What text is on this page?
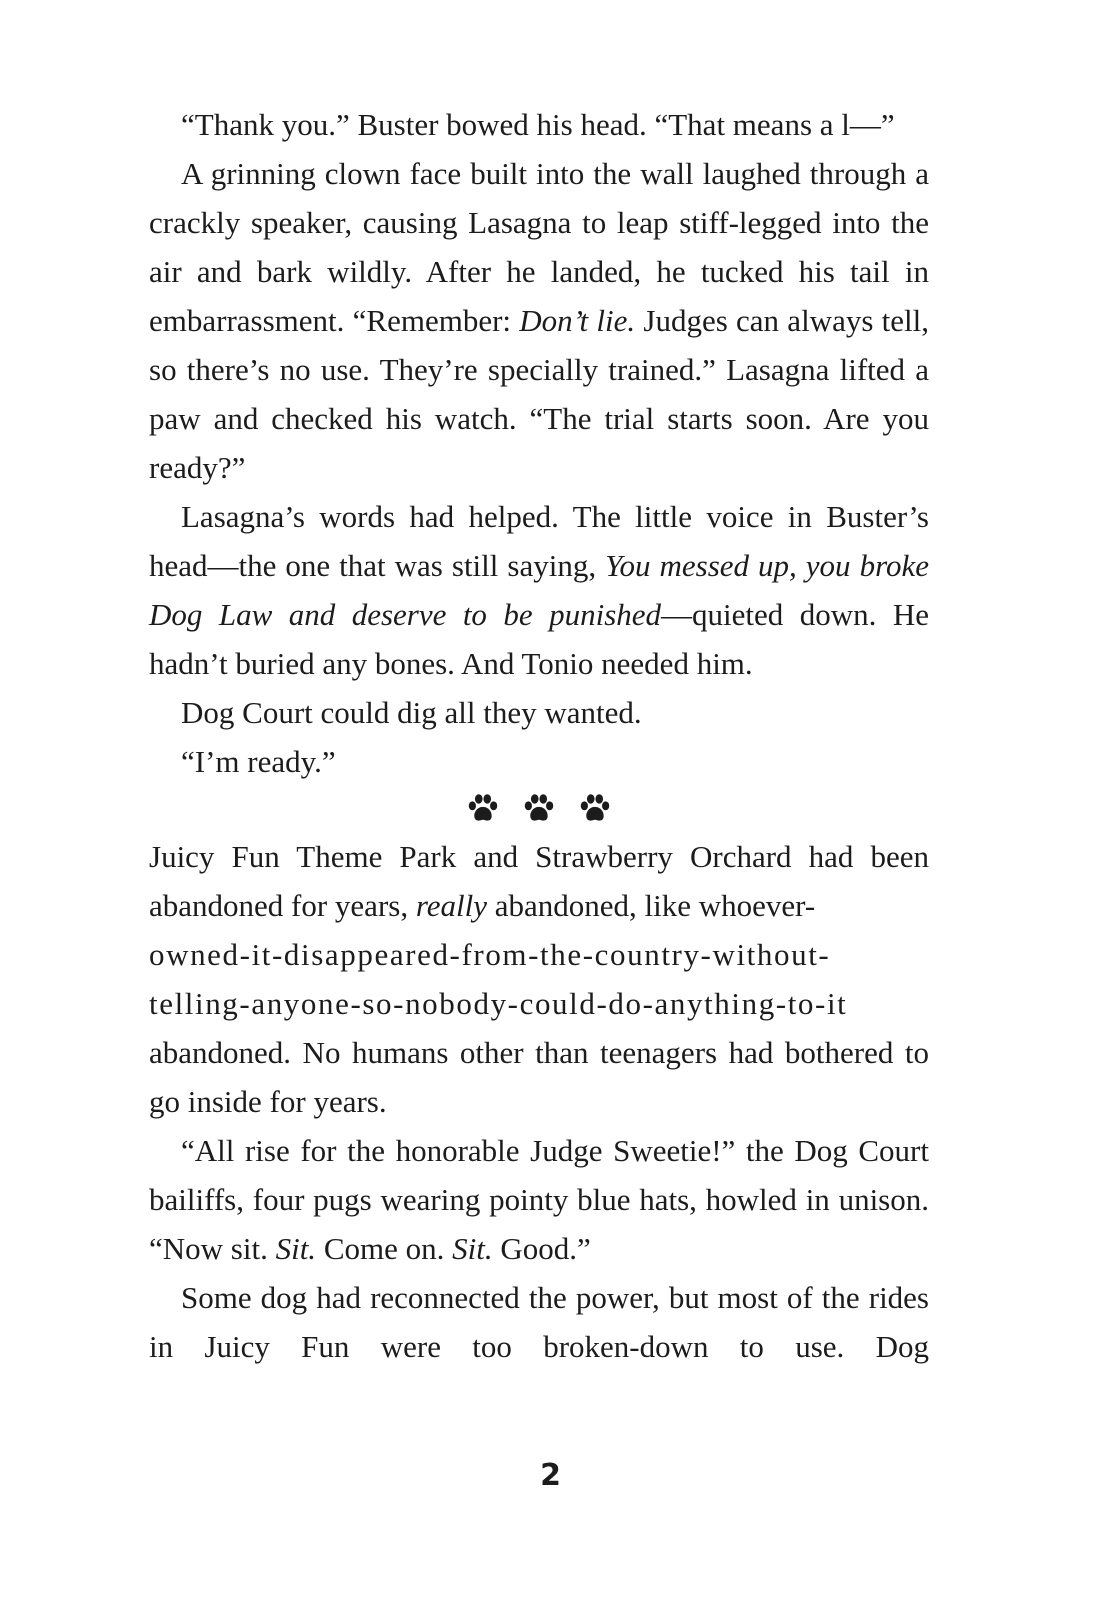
“Thank you.” Buster bowed his head. “That means a l—”

A grinning clown face built into the wall laughed through a crackly speaker, causing Lasagna to leap stiff-legged into the air and bark wildly. After he landed, he tucked his tail in embarrassment. “Remember: Don’t lie. Judges can always tell, so there’s no use. They’re specially trained.” Lasagna lifted a paw and checked his watch. “The trial starts soon. Are you ready?”

Lasagna’s words had helped. The little voice in Buster’s head—the one that was still saying, You messed up, you broke Dog Law and deserve to be punished—quieted down. He hadn’t buried any bones. And Tonio needed him.

Dog Court could dig all they wanted.

“I’m ready.”

Juicy Fun Theme Park and Strawberry Orchard had been abandoned for years, really abandoned, like whoever-

owned-it-disappeared-from-the-country-without-

telling-anyone-so-nobody-could-do-anything-to-it

abandoned. No humans other than teenagers had bothered to go inside for years.

“All rise for the honorable Judge Sweetie!” the Dog Court bailiffs, four pugs wearing pointy blue hats, howled in unison. “Now sit. Sit. Come on. Sit. Good.”

Some dog had reconnected the power, but most of the rides in Juicy Fun were too broken-down to use. Dog

2
